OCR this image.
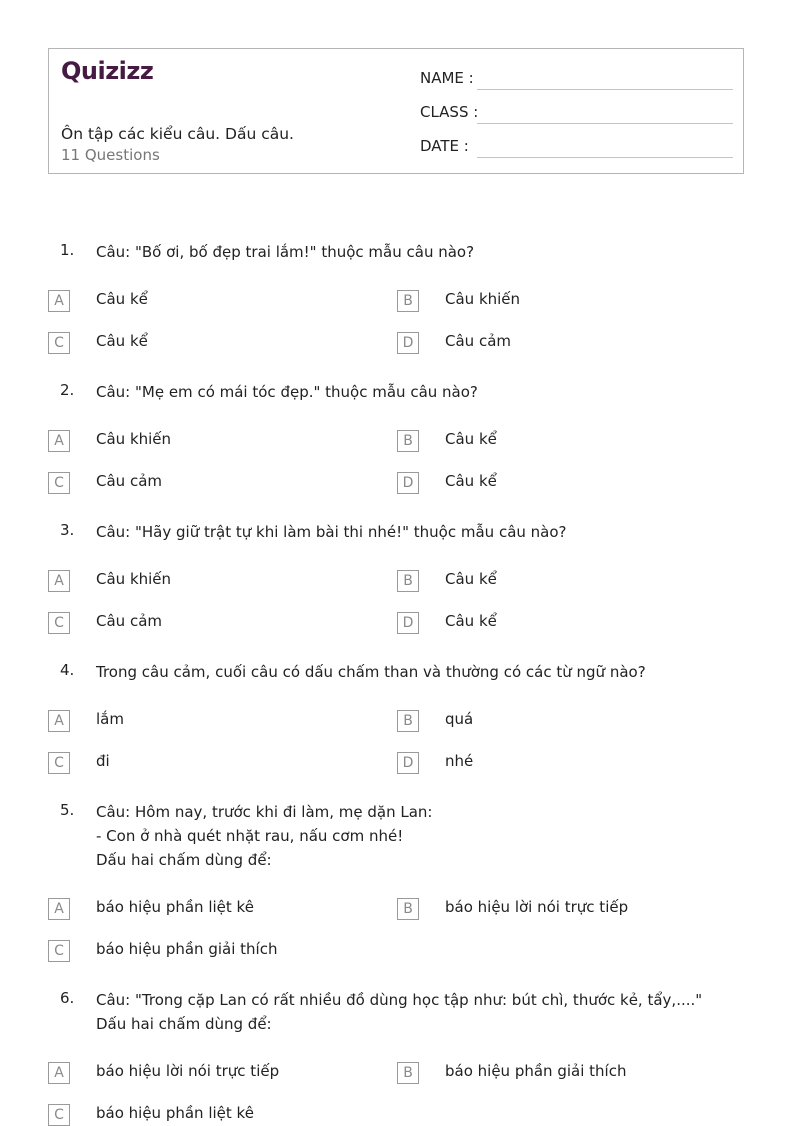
Quizizz
Ôn tập các kiểu câu. Dấu câu.
11 Questions
NAME :
CLASS :
DATE :
1. Câu: "Bố ơi, bố đẹp trai lắm!" thuộc mẫu câu nào?
A	Câu kể	B	Câu khiến
C	Câu kể	D	Câu cảm
2. Câu: "Mẹ em có mái tóc đẹp." thuộc mẫu câu nào?
A	Câu khiến	B	Câu kể
C	Câu cảm	D	Câu kể
3. Câu: "Hãy giữ trật tự khi làm bài thi nhé!" thuộc mẫu câu nào?
A	Câu khiến	B	Câu kể
C	Câu cảm	D	Câu kể
4. Trong câu cảm, cuối câu có dấu chấm than và thường có các từ ngữ nào?
A	lắm	B	quá
C	đi	D	nhé
5. Câu: Hôm nay, trước khi đi làm, mẹ dặn Lan:
- Con ở nhà quét nhặt rau, nấu cơm nhé!
Dấu hai chấm dùng để:
A	báo hiệu phần liệt kê	B	báo hiệu lời nói trực tiếp
C	báo hiệu phần giải thích
6. Câu: "Trong cặp Lan có rất nhiều đồ dùng học tập như: bút chì, thước kẻ, tẩy,...."
Dấu hai chấm dùng để:
A	báo hiệu lời nói trực tiếp	B	báo hiệu phần giải thích
C	báo hiệu phần liệt kê
